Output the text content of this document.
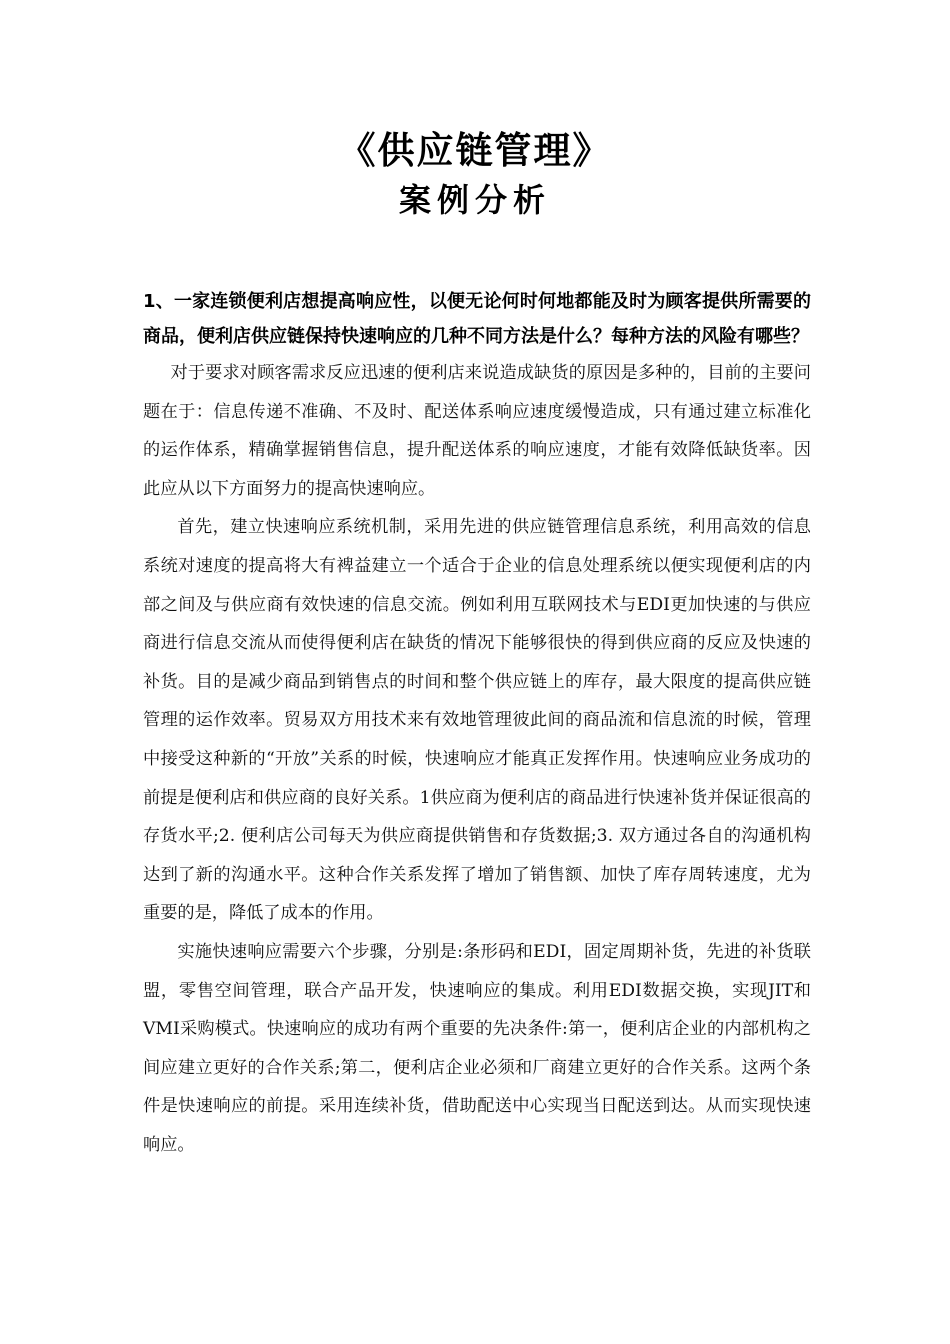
《供应链管理》
案例分析

1、一家连锁便利店想提高响应性，以便无论何时何地都能及时为顾客提供所需要的商品，便利店供应链保持快速响应的几种不同方法是什么？每种方法的风险有哪些？

对于要求对顾客需求反应迅速的便利店来说造成缺货的原因是多种的，目前的主要问题在于：信息传递不准确、不及时、配送体系响应速度缓慢造成，只有通过建立标准化的运作体系，精确掌握销售信息，提升配送体系的响应速度，才能有效降低缺货率。因此应从以下方面努力的提高快速响应。

首先，建立快速响应系统机制，采用先进的供应链管理信息系统，利用高效的信息系统对速度的提高将大有裨益建立一个适合于企业的信息处理系统以便实现便利店的内部之间及与供应商有效快速的信息交流。例如利用互联网技术与EDI更加快速的与供应商进行信息交流从而使得便利店在缺货的情况下能够很快的得到供应商的反应及快速的补货。目的是减少商品到销售点的时间和整个供应链上的库存，最大限度的提高供应链管理的运作效率。贸易双方用技术来有效地管理彼此间的商品流和信息流的时候，管理中接受这种新的“开放”关系的时候，快速响应才能真正发挥作用。快速响应业务成功的前提是便利店和供应商的良好关系。1供应商为便利店的商品进行快速补货并保证很高的存货水平;2. 便利店公司每天为供应商提供销售和存货数据;3. 双方通过各自的沟通机构达到了新的沟通水平。这种合作关系发挥了增加了销售额、加快了库存周转速度，尤为重要的是，降低了成本的作用。

实施快速响应需要六个步骤，分别是:条形码和EDI，固定周期补货，先进的补货联盟，零售空间管理，联合产品开发，快速响应的集成。利用EDI数据交换，实现JIT和VMI采购模式。快速响应的成功有两个重要的先决条件:第一，便利店企业的内部机构之间应建立更好的合作关系;第二，便利店企业必须和厂商建立更好的合作关系。这两个条件是快速响应的前提。采用连续补货，借助配送中心实现当日配送到达。从而实现快速响应。
